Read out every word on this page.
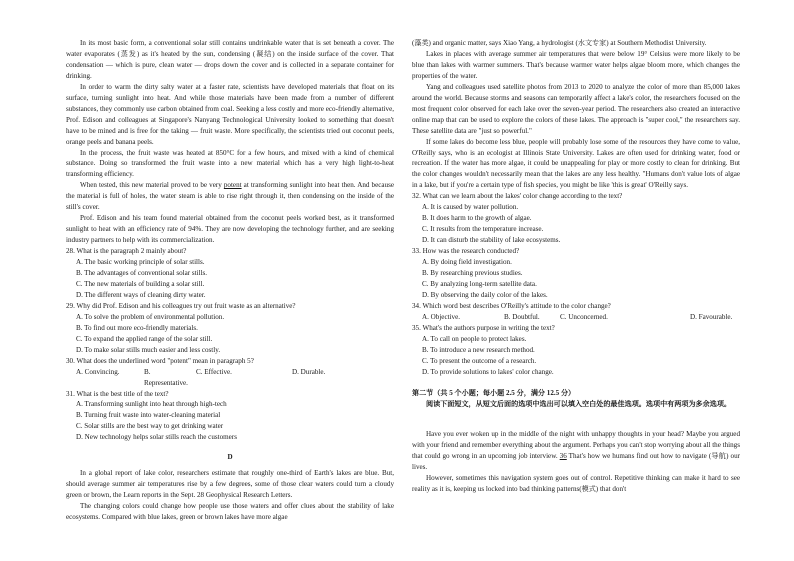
In its most basic form, a conventional solar still contains undrinkable water that is set beneath a cover. The water evaporates (蒸发) as it's heated by the sun, condensing (凝结) on the inside surface of the cover. That condensation — which is pure, clean water — drops down the cover and is collected in a separate container for drinking.

In order to warm the dirty salty water at a faster rate, scientists have developed materials that float on its surface, turning sunlight into heat. And while those materials have been made from a number of different substances, they commonly use carbon obtained from coal. Seeking a less costly and more eco-friendly alternative, Prof. Edison and colleagues at Singapore's Nanyang Technological University looked to something that doesn't have to be mined and is free for the taking — fruit waste. More specifically, the scientists tried out coconut peels, orange peels and banana peels.

In the process, the fruit waste was heated at 850°C for a few hours, and mixed with a kind of chemical substance. Doing so transformed the fruit waste into a new material which has a very high light-to-heat transforming efficiency.

When tested, this new material proved to be very potent at transforming sunlight into heat then. And because the material is full of holes, the water steam is able to rise right through it, then condensing on the inside of the still's cover.

Prof. Edison and his team found material obtained from the coconut peels worked best, as it transformed sunlight to heat with an efficiency rate of 94%. They are now developing the technology further, and are seeking industry partners to help with its commercialization.

28. What is the paragraph 2 mainly about?

A. The basic working principle of solar stills.

B. The advantages of conventional solar stills.

C. The new materials of building a solar still.

D. The different ways of cleaning dirty water.

29. Why did Prof. Edison and his colleagues try out fruit waste as an alternative?

A. To solve the problem of environmental pollution.

B. To find out more eco-friendly materials.

C. To expand the applied range of the solar still.

D. To make solar stills much easier and less costly.

30. What does the underlined word "potent" mean in paragraph 5?

A. Convincing.	B. Representative.
C. Effective.	D. Durable.

31. What is the best title of the text?

A. Transforming sunlight into heat through high-tech

B. Turning fruit waste into water-cleaning material

C. Solar stills are the best way to get drinking water

D. New technology helps solar stills reach the customers

D

In a global report of lake color, researchers estimate that roughly one-third of Earth's lakes are blue. But, should average summer air temperatures rise by a few degrees, some of those clear waters could turn a cloudy green or brown, the Learn reports in the Sept. 28 Geophysical Research Letters.

The changing colors could change how people use those waters and offer clues about the stability of lake ecosystems. Compared with blue lakes, green or brown lakes have more algae

(藻类) and organic matter, says Xiao Yang, a hydrologist (水文专家) at Southern Methodist University.

Lakes in places with average summer air temperatures that were below 19° Celsius were more likely to be blue than lakes with warmer summers. That's because warmer water helps algae bloom more, which changes the properties of the water.

Yang and colleagues used satellite photos from 2013 to 2020 to analyze the color of more than 85,000 lakes around the world. Because storms and seasons can temporarily affect a lake's color, the researchers focused on the most frequent color observed for each lake over the seven-year period. The researchers also created an interactive online map that can be used to explore the colors of these lakes. The approach is "super cool," the researchers say. These satellite data are "just so powerful."

If some lakes do become less blue, people will probably lose some of the resources they have come to value, O'Reilly says, who is an ecologist at Illinois State University. Lakes are often used for drinking water, food or recreation. If the water has more algae, it could be unappealing for play or more costly to clean for drinking. But the color changes wouldn't necessarily mean that the lakes are any less healthy. "Humans don't value lots of algae in a lake, but if you're a certain type of fish species, you might be like 'this is great' O'Reilly says.

32. What can we learn about the lakes' color change according to the text?

A. It is caused by water pollution.

B. It does harm to the growth of algae.

C. It results from the temperature increase.

D. It can disturb the stability of lake ecosystems.

33. How was the research conducted?

A. By doing field investigation.

B. By researching previous studies.

C. By analyzing long-term satellite data.

D. By observing the daily color of the lakes.

34. Which word best describes O'Reilly's attitude to the color change?

A. Objective.	B. Doubtful.	C. Unconcerned.	D. Favourable.

35. What's the authors purpose in writing the text?

A. To call on people to protect lakes.

B. To introduce a new research method.

C. To present the outcome of a research.

D. To provide solutions to lakes' color change.

第二节（共 5 个小题；每小题 2.5 分，满分 12.5 分）

阅读下面短文，从短文后面的选项中选出可以填入空白处的最佳选项。选项中有两项为多余选项。

Have you ever woken up in the middle of the night with unhappy thoughts in your head? Maybe you argued with your friend and remember everything about the argument. Perhaps you can't stop worrying about all the things that could go wrong in an upcoming job interview. 36 That's how we humans find out how to navigate (导航) our lives.

However, sometimes this navigation system goes out of control. Repetitive thinking can make it hard to see reality as it is, keeping us locked into bad thinking patterns(模式) that don't
